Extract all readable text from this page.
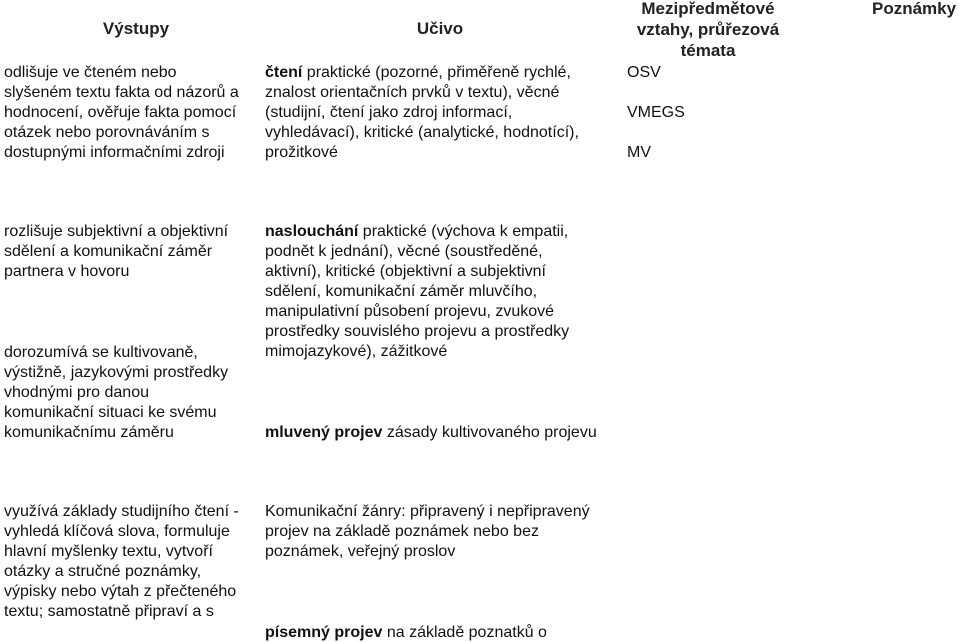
Výstupy	Učivo
Mezipředmětové
vztahy, průřezová
témata
Poznámky
odlišuje ve čteném nebo
slyšeném textu fakta od názorů a
hodnocení, ověřuje fakta pomocí
otázek nebo porovnáváním s
dostupnými informačními zdroji
čtení praktické (pozorné, přiměřeně rychlé,
znalost orientačních prvků v textu), věcné
(studijní, čtení jako zdroj informací,
vyhledávací), kritické (analytické, hodnotící),
prožitkové
OSV
VMEGS
MV
rozlišuje subjektivní a objektivní
sdělení a komunikační záměr
partnera v hovoru
dorozumívá se kultivovaně,
výstižně, jazykovými prostředky
vhodnými pro danou
komunikační situaci ke svému
komunikačnímu záměru
naslouchání praktické (výchova k empatii,
podnět k jednání), věcné (soustředěné,
aktivní), kritické (objektivní a subjektivní
sdělení, komunikační záměr mluvčího,
manipulativní působení projevu, zvukové
prostředky souvislého projevu a prostředky
mimojazykové), zážitkové
mluvený projev zásady kultivovaného projevu
využívá základy studijního čtení -
vyhledá klíčová slova, formuluje
hlavní myšlenky textu, vytvoří
otázky a stručné poznámky,
výpisky nebo výtah z přečteného
textu; samostatně připraví a s
Komunikační žánry: připravený i nepřipravený
projev na základě poznámek nebo bez
poznámek, veřejný proslov
písemný projev na základě poznatků o
